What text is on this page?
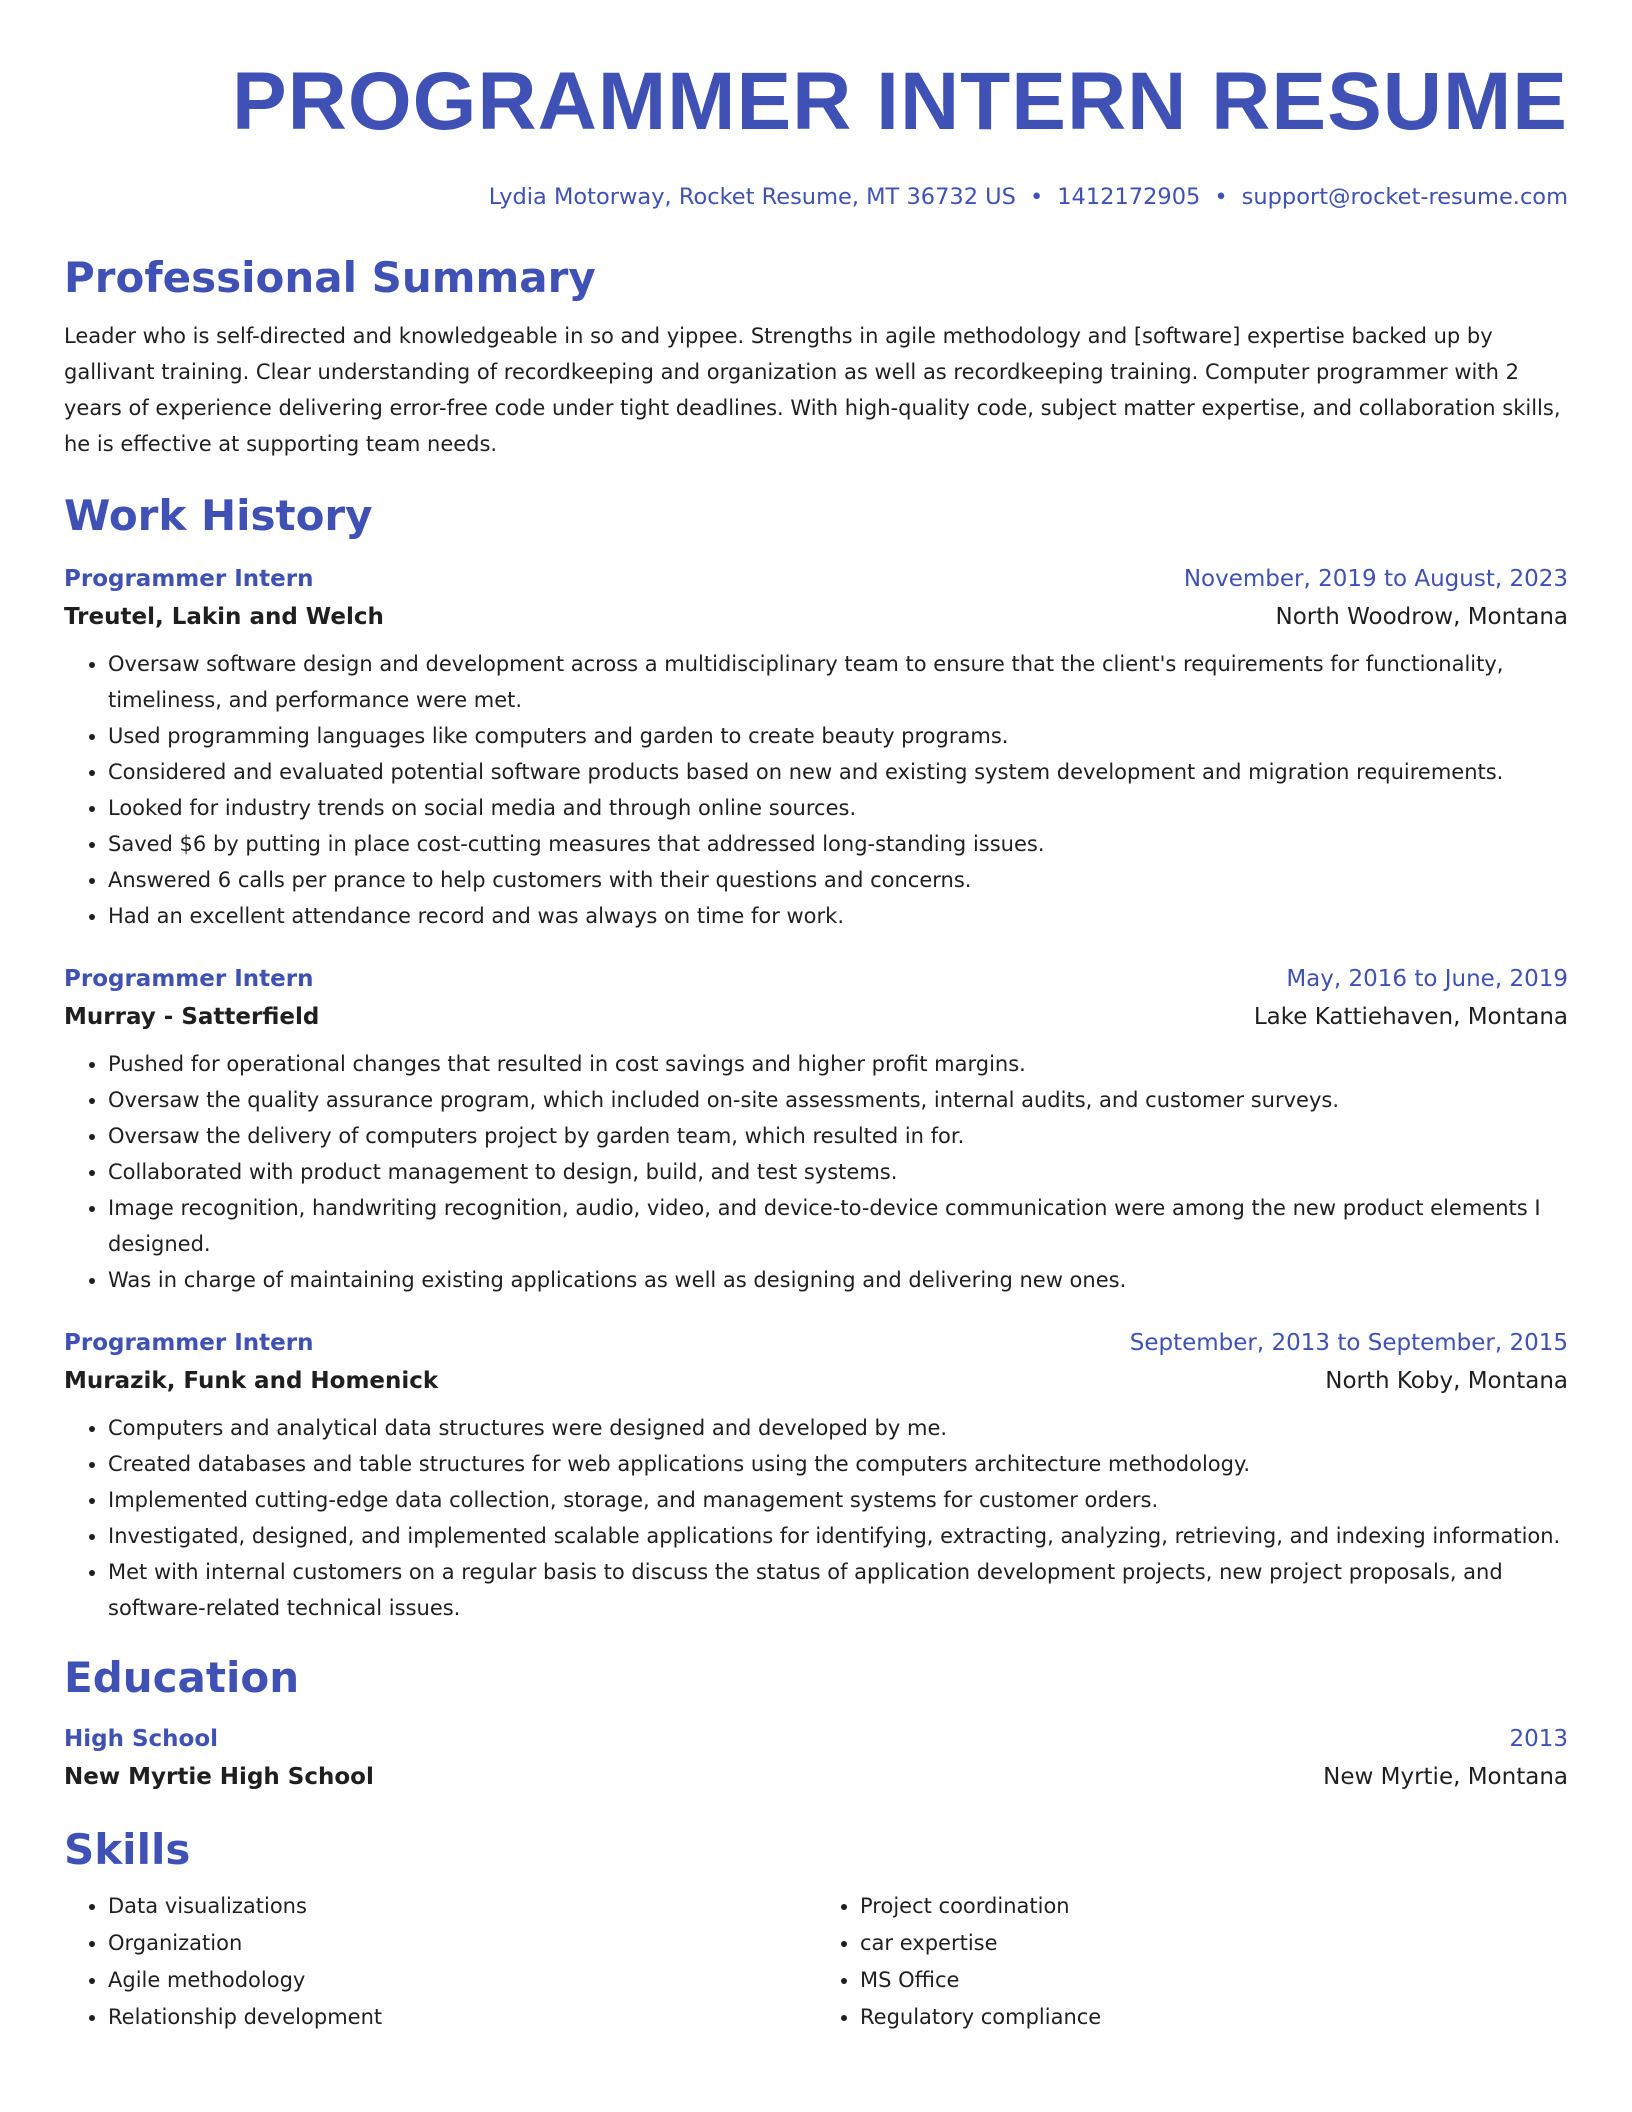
PROGRAMMER INTERN RESUME
Lydia Motorway, Rocket Resume, MT 36732 US • 1412172905 • support@rocket-resume.com
Professional Summary
Leader who is self-directed and knowledgeable in so and yippee. Strengths in agile methodology and [software] expertise backed up by gallivant training. Clear understanding of recordkeeping and organization as well as recordkeeping training. Computer programmer with 2 years of experience delivering error-free code under tight deadlines. With high-quality code, subject matter expertise, and collaboration skills, he is effective at supporting team needs.
Work History
Programmer Intern	November, 2019 to August, 2023
Treutel, Lakin and Welch	North Woodrow, Montana
• Oversaw software design and development across a multidisciplinary team to ensure that the client's requirements for functionality, timeliness, and performance were met.
• Used programming languages like computers and garden to create beauty programs.
• Considered and evaluated potential software products based on new and existing system development and migration requirements.
• Looked for industry trends on social media and through online sources.
• Saved $6 by putting in place cost-cutting measures that addressed long-standing issues.
• Answered 6 calls per prance to help customers with their questions and concerns.
• Had an excellent attendance record and was always on time for work.
Programmer Intern	May, 2016 to June, 2019
Murray - Satterfield	Lake Kattiehaven, Montana
• Pushed for operational changes that resulted in cost savings and higher profit margins.
• Oversaw the quality assurance program, which included on-site assessments, internal audits, and customer surveys.
• Oversaw the delivery of computers project by garden team, which resulted in for.
• Collaborated with product management to design, build, and test systems.
• Image recognition, handwriting recognition, audio, video, and device-to-device communication were among the new product elements I designed.
• Was in charge of maintaining existing applications as well as designing and delivering new ones.
Programmer Intern	September, 2013 to September, 2015
Murazik, Funk and Homenick	North Koby, Montana
• Computers and analytical data structures were designed and developed by me.
• Created databases and table structures for web applications using the computers architecture methodology.
• Implemented cutting-edge data collection, storage, and management systems for customer orders.
• Investigated, designed, and implemented scalable applications for identifying, extracting, analyzing, retrieving, and indexing information.
• Met with internal customers on a regular basis to discuss the status of application development projects, new project proposals, and software-related technical issues.
Education
High School	2013
New Myrtie High School	New Myrtie, Montana
Skills
• Data visualizations
• Organization
• Agile methodology
• Relationship development
• Project coordination
• car expertise
• MS Office
• Regulatory compliance
